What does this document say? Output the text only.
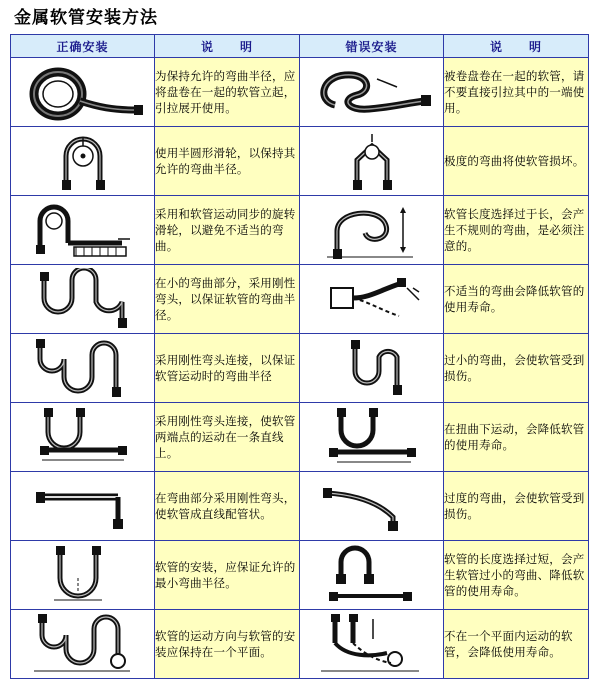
金属软管安装方法
正确安装	说　　明	错误安装	说　　明

	为保持允许的弯曲半径，应将盘卷在一起的软管立起，引拉展开使用。		被卷盘卷在一起的软管，请不要直接引拉其中的一端使用。

	使用半圆形滑轮，以保持其允许的弯曲半径。		极度的弯曲将使软管损坏。

	采用和软管运动同步的旋转滑轮，以避免不适当的弯曲。		软管长度选择过于长，会产生不规则的弯曲，是必须注意的。

	在小的弯曲部分，采用刚性弯头，以保证软管的弯曲半径。		不适当的弯曲会降低软管的使用寿命。

	采用刚性弯头连接，以保证软管运动时的弯曲半径		过小的弯曲，会使软管受到损伤。

	采用刚性弯头连接，使软管两端点的运动在一条直线上。		在扭曲下运动，会降低软管的使用寿命。

	在弯曲部分采用刚性弯头，使软管成直线配管状。		过度的弯曲，会使软管受到损伤。

	软管的安装，应保证允许的最小弯曲半径。		软管的长度选择过短，会产生软管过小的弯曲、降低软管的使用寿命。

	软管的运动方向与软管的安装应保持在一个平面。		不在一个平面内运动的软管，会降低使用寿命。
